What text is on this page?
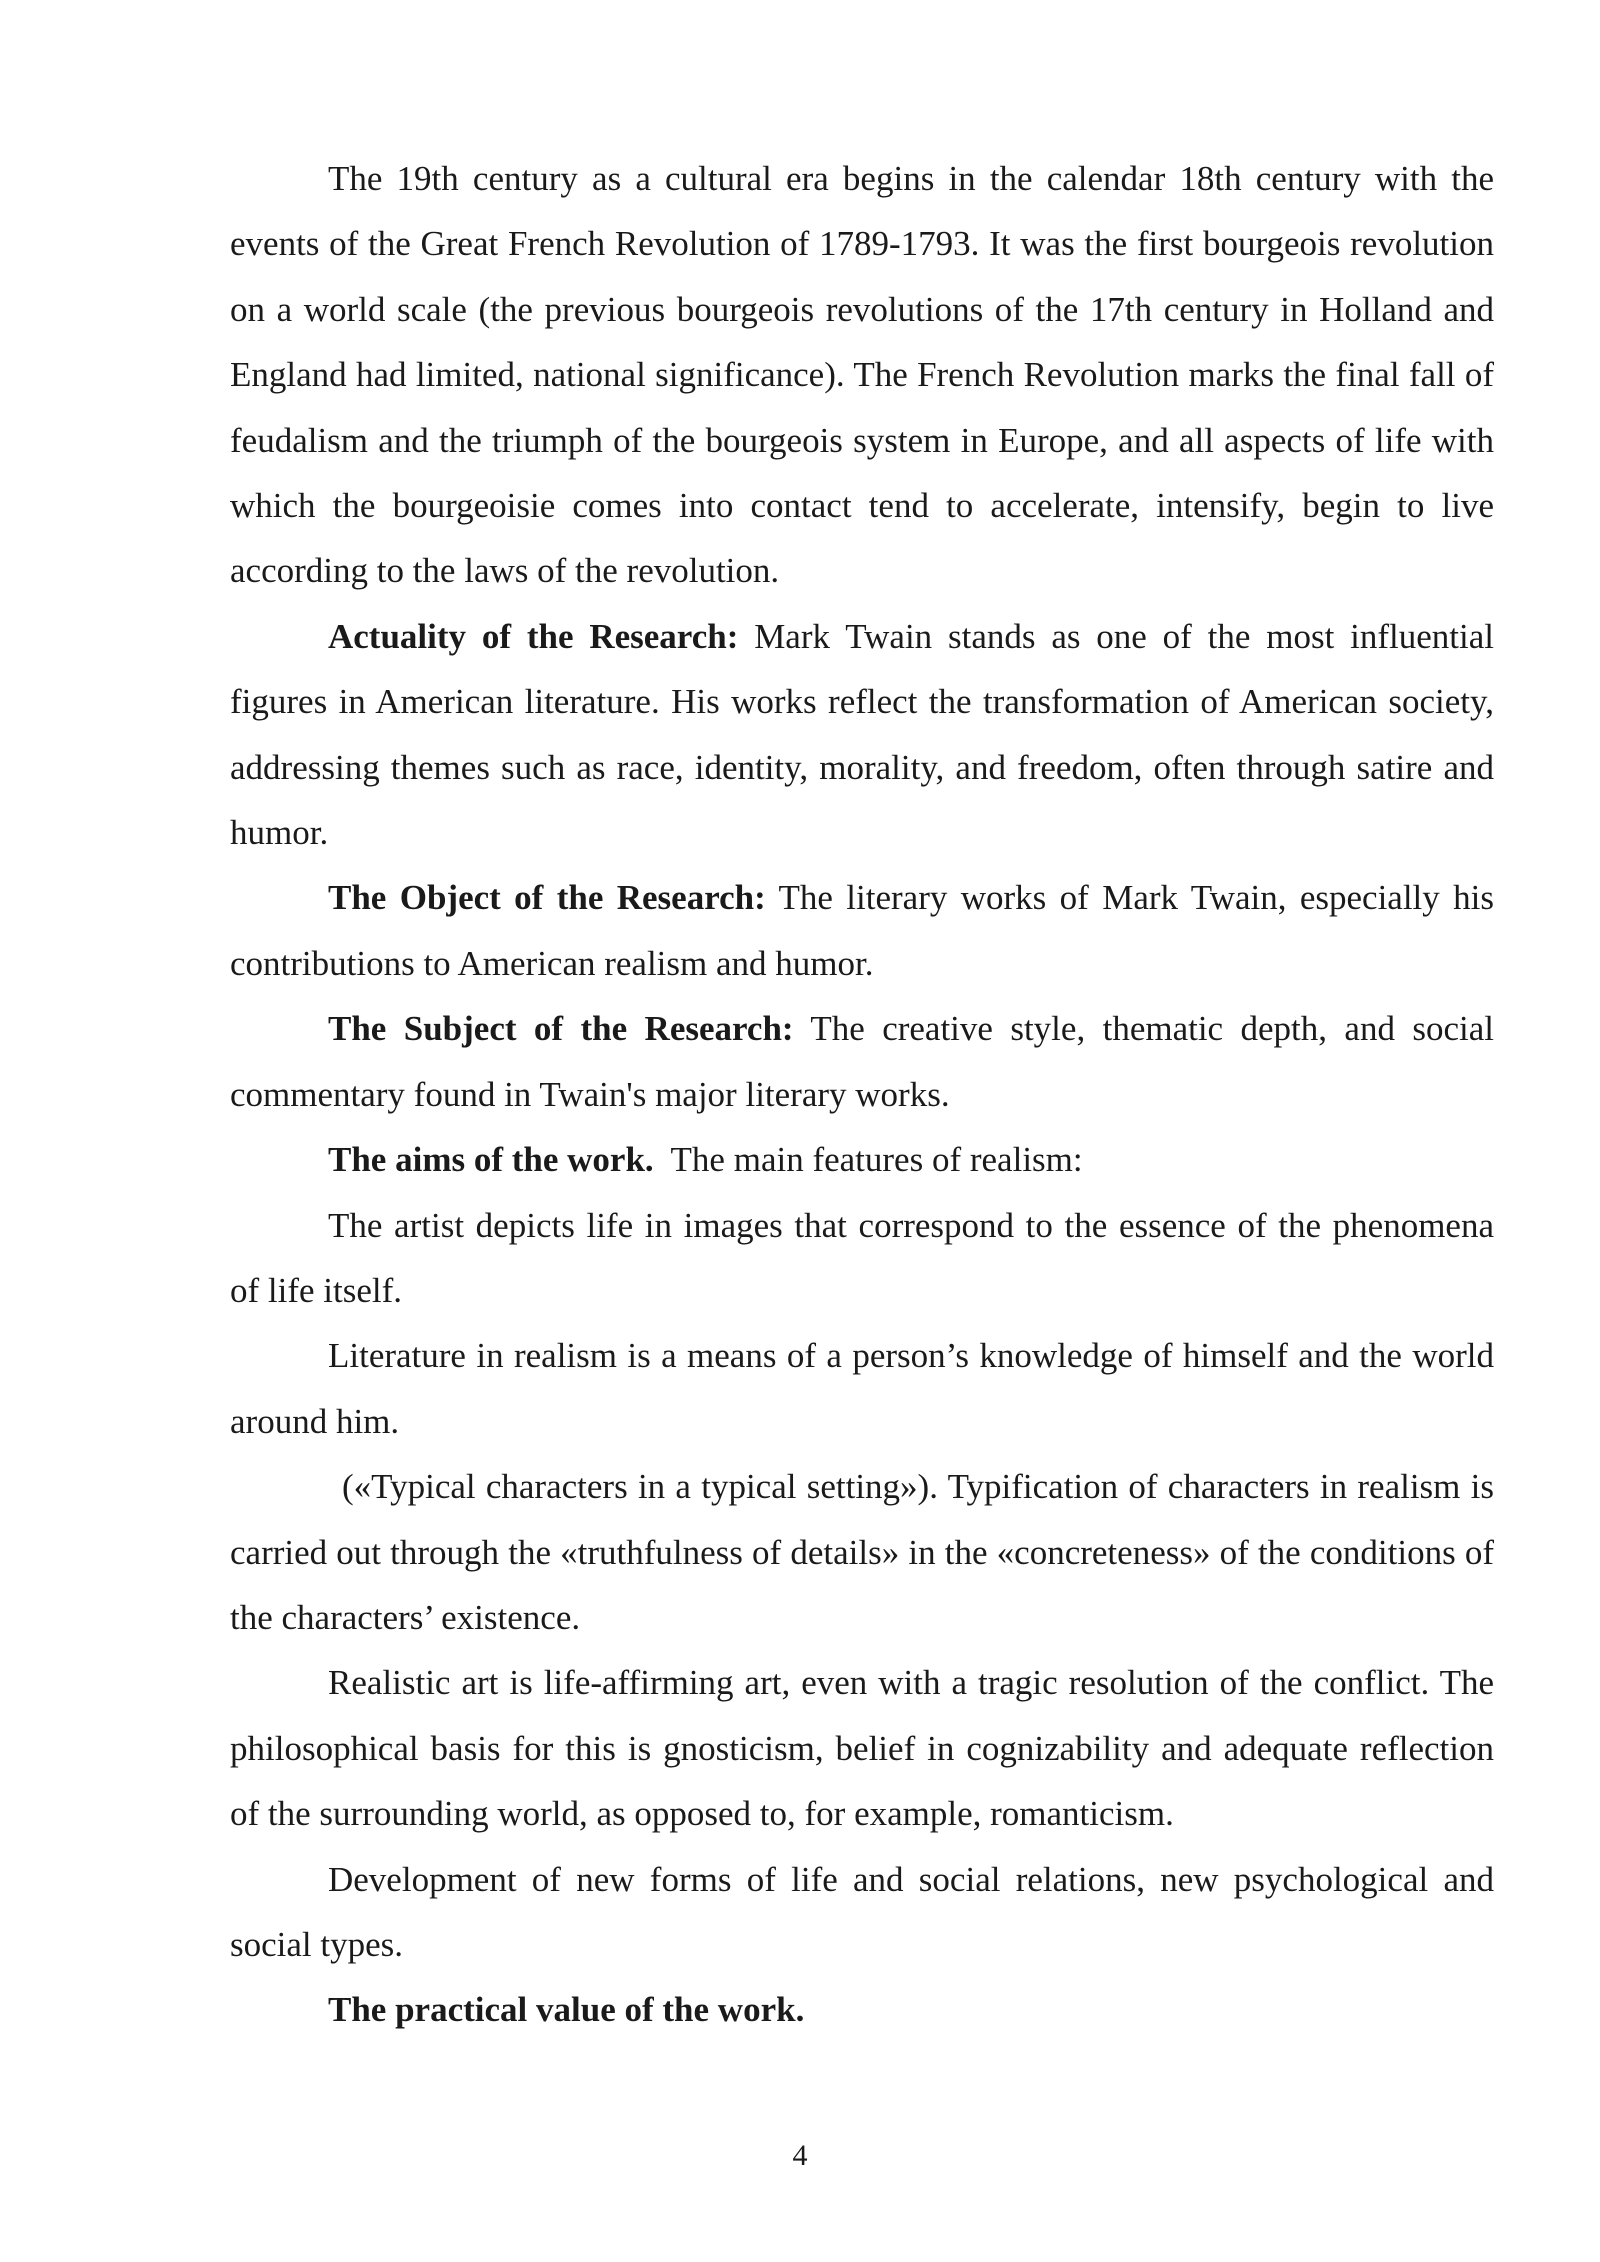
The 19th century as a cultural era begins in the calendar 18th century with the events of the Great French Revolution of 1789-1793. It was the first bourgeois revolution on a world scale (the previous bourgeois revolutions of the 17th century in Holland and England had limited, national significance). The French Revolution marks the final fall of feudalism and the triumph of the bourgeois system in Europe, and all aspects of life with which the bourgeoisie comes into contact tend to accelerate, intensify, begin to live according to the laws of the revolution.

Actuality of the Research: Mark Twain stands as one of the most influential figures in American literature. His works reflect the transformation of American society, addressing themes such as race, identity, morality, and freedom, often through satire and humor.

The Object of the Research: The literary works of Mark Twain, especially his contributions to American realism and humor.

The Subject of the Research: The creative style, thematic depth, and social commentary found in Twain's major literary works.

The aims of the work.  The main features of realism:

The artist depicts life in images that correspond to the essence of the phenomena of life itself.

Literature in realism is a means of a person’s knowledge of himself and the world around him.

(«Typical characters in a typical setting»). Typification of characters in realism is carried out through the «truthfulness of details» in the «concreteness» of the conditions of the characters’ existence.

Realistic art is life-affirming art, even with a tragic resolution of the conflict. The philosophical basis for this is gnosticism, belief in cognizability and adequate reflection of the surrounding world, as opposed to, for example, romanticism.

Development of new forms of life and social relations, new psychological and social types.

The practical value of the work.

4
